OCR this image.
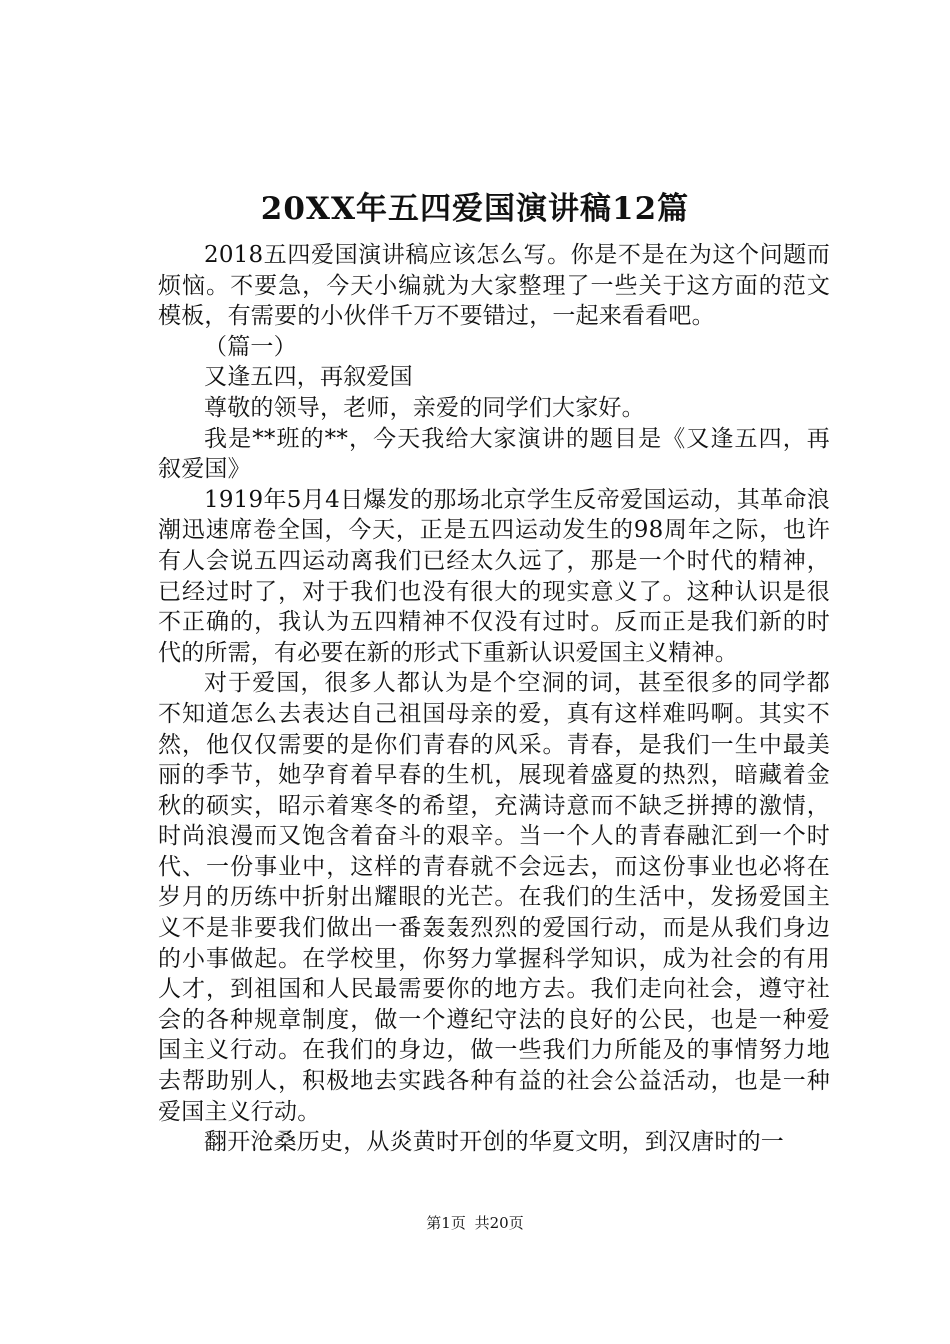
20XX年五四爱国演讲稿12篇

2018五四爱国演讲稿应该怎么写。你是不是在为这个问题而烦恼。不要急，今天小编就为大家整理了一些关于这方面的范文模板，有需要的小伙伴千万不要错过，一起来看看吧。

（篇一）

又逢五四，再叙爱国

尊敬的领导，老师，亲爱的同学们大家好。

我是**班的**，今天我给大家演讲的题目是《又逢五四，再叙爱国》

1919年5月4日爆发的那场北京学生反帝爱国运动，其革命浪潮迅速席卷全国，今天，正是五四运动发生的98周年之际，也许有人会说五四运动离我们已经太久远了，那是一个时代的精神，已经过时了，对于我们也没有很大的现实意义了。这种认识是很不正确的，我认为五四精神不仅没有过时。反而正是我们新的时代的所需，有必要在新的形式下重新认识爱国主义精神。

对于爱国，很多人都认为是个空洞的词，甚至很多的同学都不知道怎么去表达自己祖国母亲的爱，真有这样难吗啊。其实不然，他仅仅需要的是你们青春的风采。青春，是我们一生中最美丽的季节，她孕育着早春的生机，展现着盛夏的热烈，暗藏着金秋的硕实，昭示着寒冬的希望，充满诗意而不缺乏拼搏的激情，时尚浪漫而又饱含着奋斗的艰辛。当一个人的青春融汇到一个时代、一份事业中，这样的青春就不会远去，而这份事业也必将在岁月的历练中折射出耀眼的光芒。在我们的生活中，发扬爱国主义不是非要我们做出一番轰轰烈烈的爱国行动，而是从我们身边的小事做起。在学校里，你努力掌握科学知识，成为社会的有用人才，到祖国和人民最需要你的地方去。我们走向社会，遵守社会的各种规章制度，做一个遵纪守法的良好的公民，也是一种爱国主义行动。在我们的身边，做一些我们力所能及的事情努力地去帮助别人，积极地去实践各种有益的社会公益活动，也是一种爱国主义行动。

翻开沧桑历史，从炎黄时开创的华夏文明，到汉唐时的一

第1页 共20页
